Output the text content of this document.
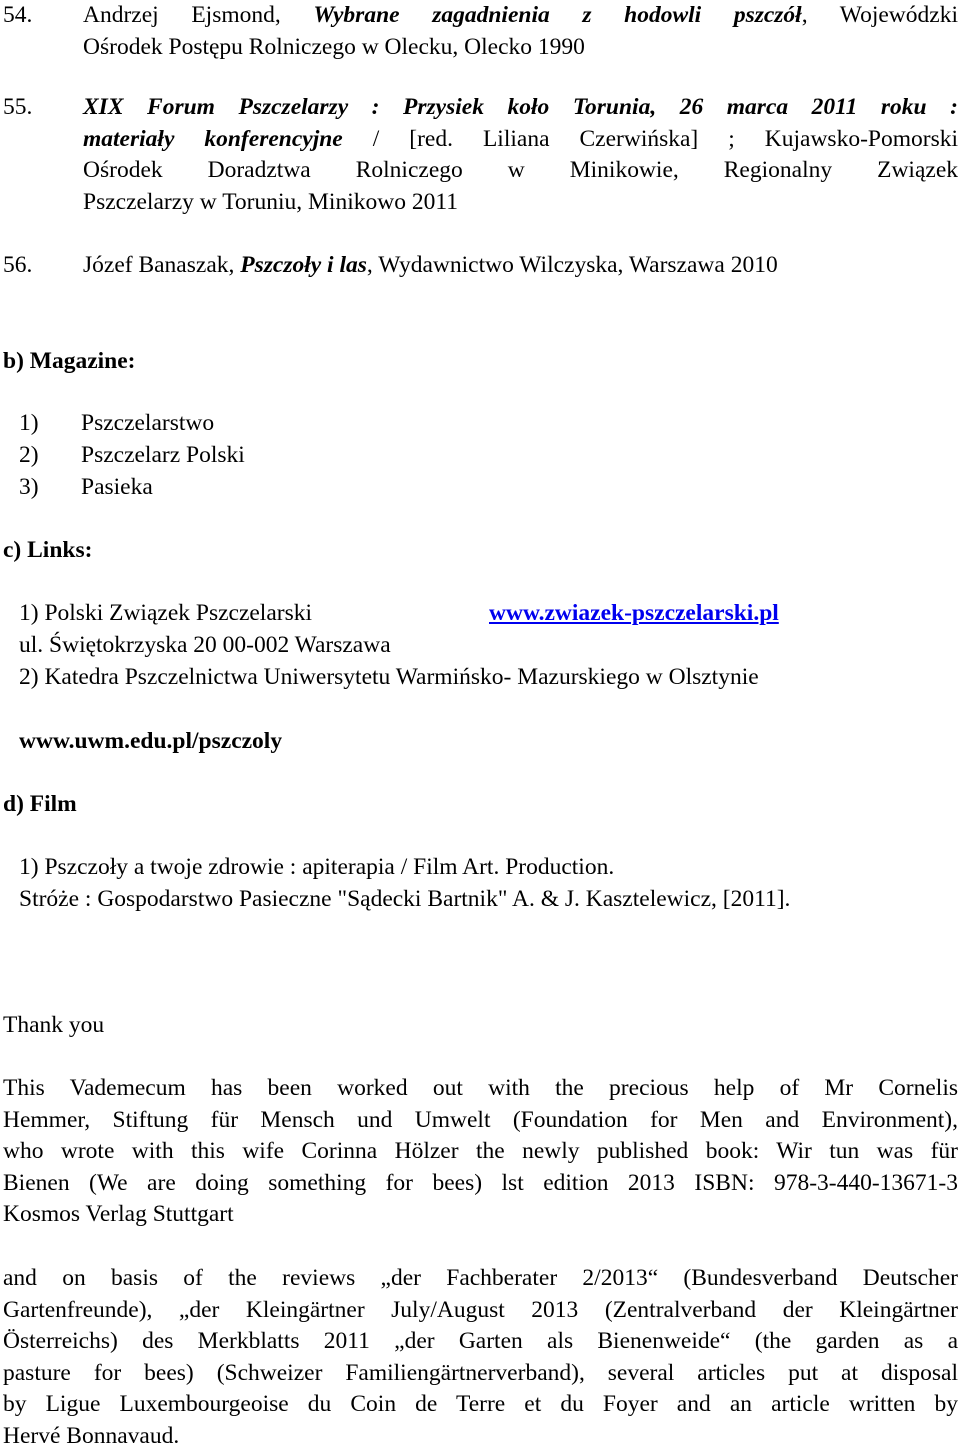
54. Andrzej Ejsmond, Wybrane zagadnienia z hodowli pszczół, Wojewódzki
Ośrodek Postępu Rolniczego w Olecku, Olecko 1990
55. XIX Forum Pszczelarzy : Przysiek koło Torunia, 26 marca 2011 roku :
materiały konferencyjne / [red. Liliana Czerwińska] ; Kujawsko-Pomorski
Ośrodek Doradztwa Rolniczego w Minikowie, Regionalny Związek
Pszczelarzy w Toruniu, Minikowo 2011
56. Józef Banaszak, Pszczoły i las, Wydawnictwo Wilczyska, Warszawa 2010
b) Magazine:
1) Pszczelarstwo
2) Pszczelarz Polski
3) Pasieka
c) Links:
1) Polski Związek Pszczelarski	www.zwiazek-pszczelarski.pl
ul. Świętokrzyska 20 00-002 Warszawa
2) Katedra Pszczelnictwa Uniwersytetu Warmińsko- Mazurskiego w Olsztynie
www.uwm.edu.pl/pszczoly
d) Film
1) Pszczoły a twoje zdrowie : apiterapia / Film Art. Production.
Stróże : Gospodarstwo Pasieczne "Sądecki Bartnik" A. & J. Kasztelewicz, [2011].
Thank you
This Vademecum has been worked out with the precious help of Mr Cornelis
Hemmer, Stiftung für Mensch und Umwelt (Foundation for Men and Environment),
who wrote with this wife Corinna Hölzer the newly published book: Wir tun was für
Bienen (We are doing something for bees) lst edition 2013 ISBN: 978-3-440-13671-3
Kosmos Verlag Stuttgart
and on basis of the reviews „der Fachberater 2/2013“ (Bundesverband Deutscher
Gartenfreunde), „der Kleingärtner July/August 2013 (Zentralverband der Kleingärtner
Österreichs) des Merkblatts 2011 „der Garten als Bienenweide“ (the garden as a
pasture for bees) (Schweizer Familiengärtnerverband), several articles put at disposal
by Ligue Luxembourgeoise du Coin de Terre et du Foyer and an article written by
Hervé Bonnavaud.
